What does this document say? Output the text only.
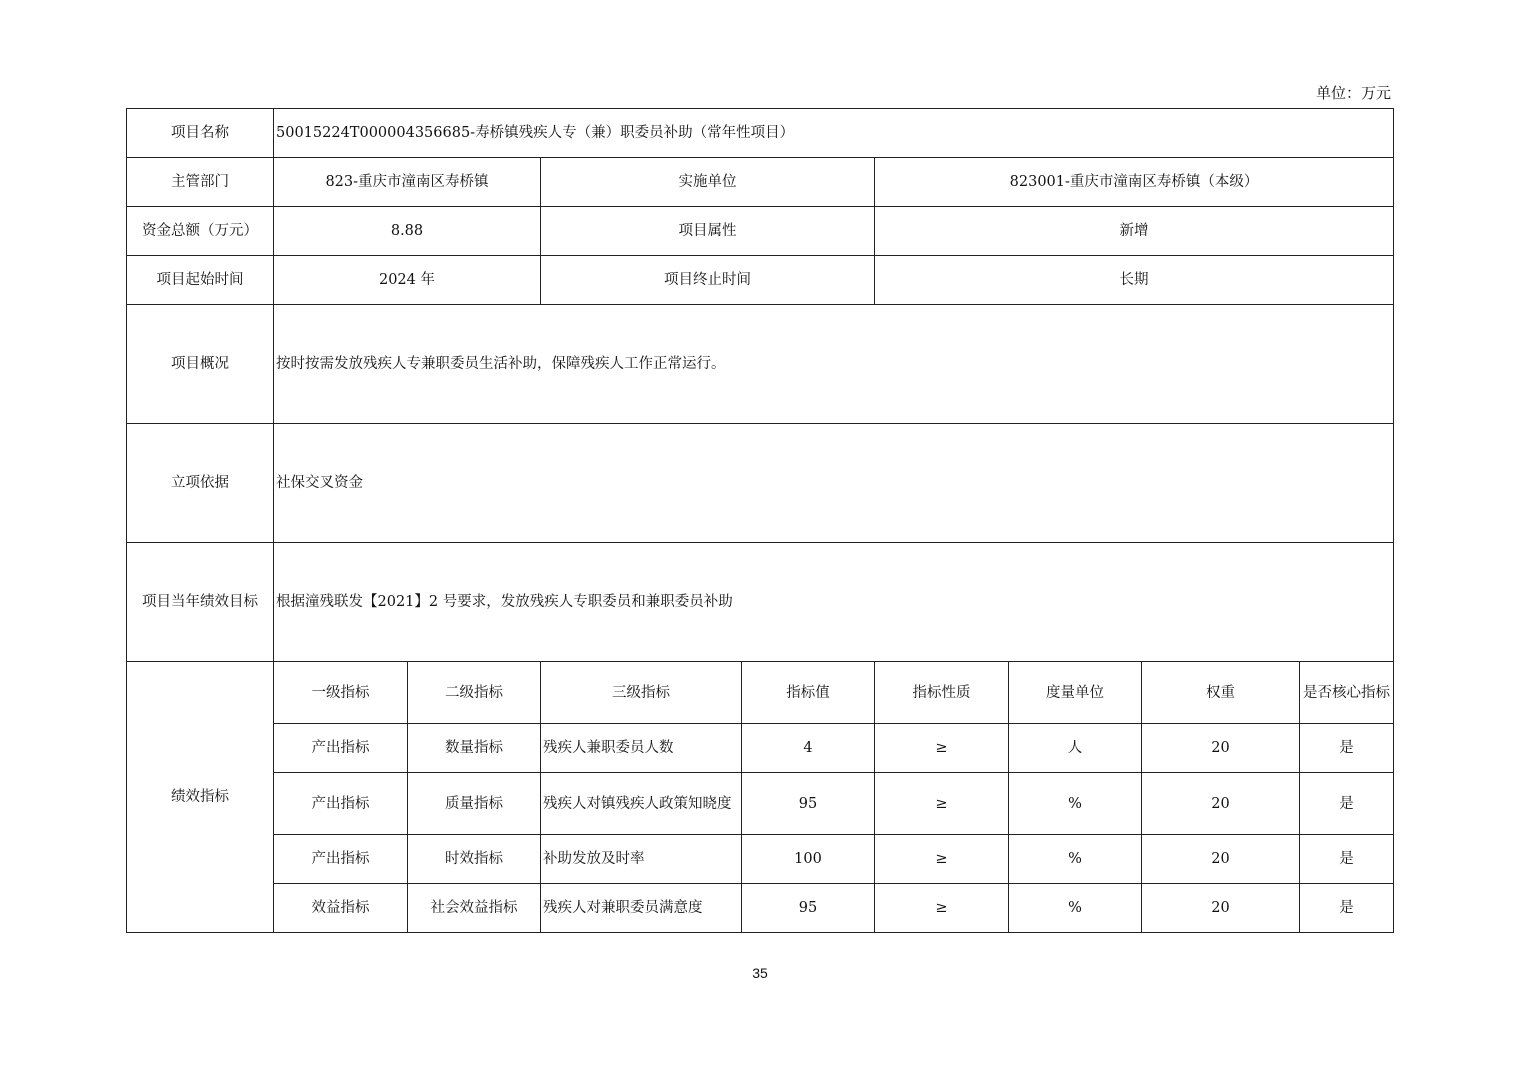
单位：万元
项目名称	50015224T000004356685-寿桥镇残疾人专（兼）职委员补助（常年性项目）							
主管部门	823-重庆市潼南区寿桥镇		实施单位		823001-重庆市潼南区寿桥镇（本级）			
资金总额（万元）	8.88		项目属性		新增			
项目起始时间	2024 年		项目终止时间		长期			
项目概况	按时按需发放残疾人专兼职委员生活补助，保障残疾人工作正常运行。							
立项依据	社保交叉资金							
项目当年绩效目标	根据潼残联发【2021】2 号要求，发放残疾人专职委员和兼职委员补助							
绩效指标	一级指标	二级指标	三级指标	指标值	指标性质	度量单位	权重	是否核心指标
	产出指标	数量指标	残疾人兼职委员人数	4	≥	人	20	是
	产出指标	质量指标	残疾人对镇残疾人政策知晓度	95	≥	%	20	是
	产出指标	时效指标	补助发放及时率	100	≥	%	20	是
	效益指标	社会效益指标	残疾人对兼职委员满意度	95	≥	%	20	是
35
